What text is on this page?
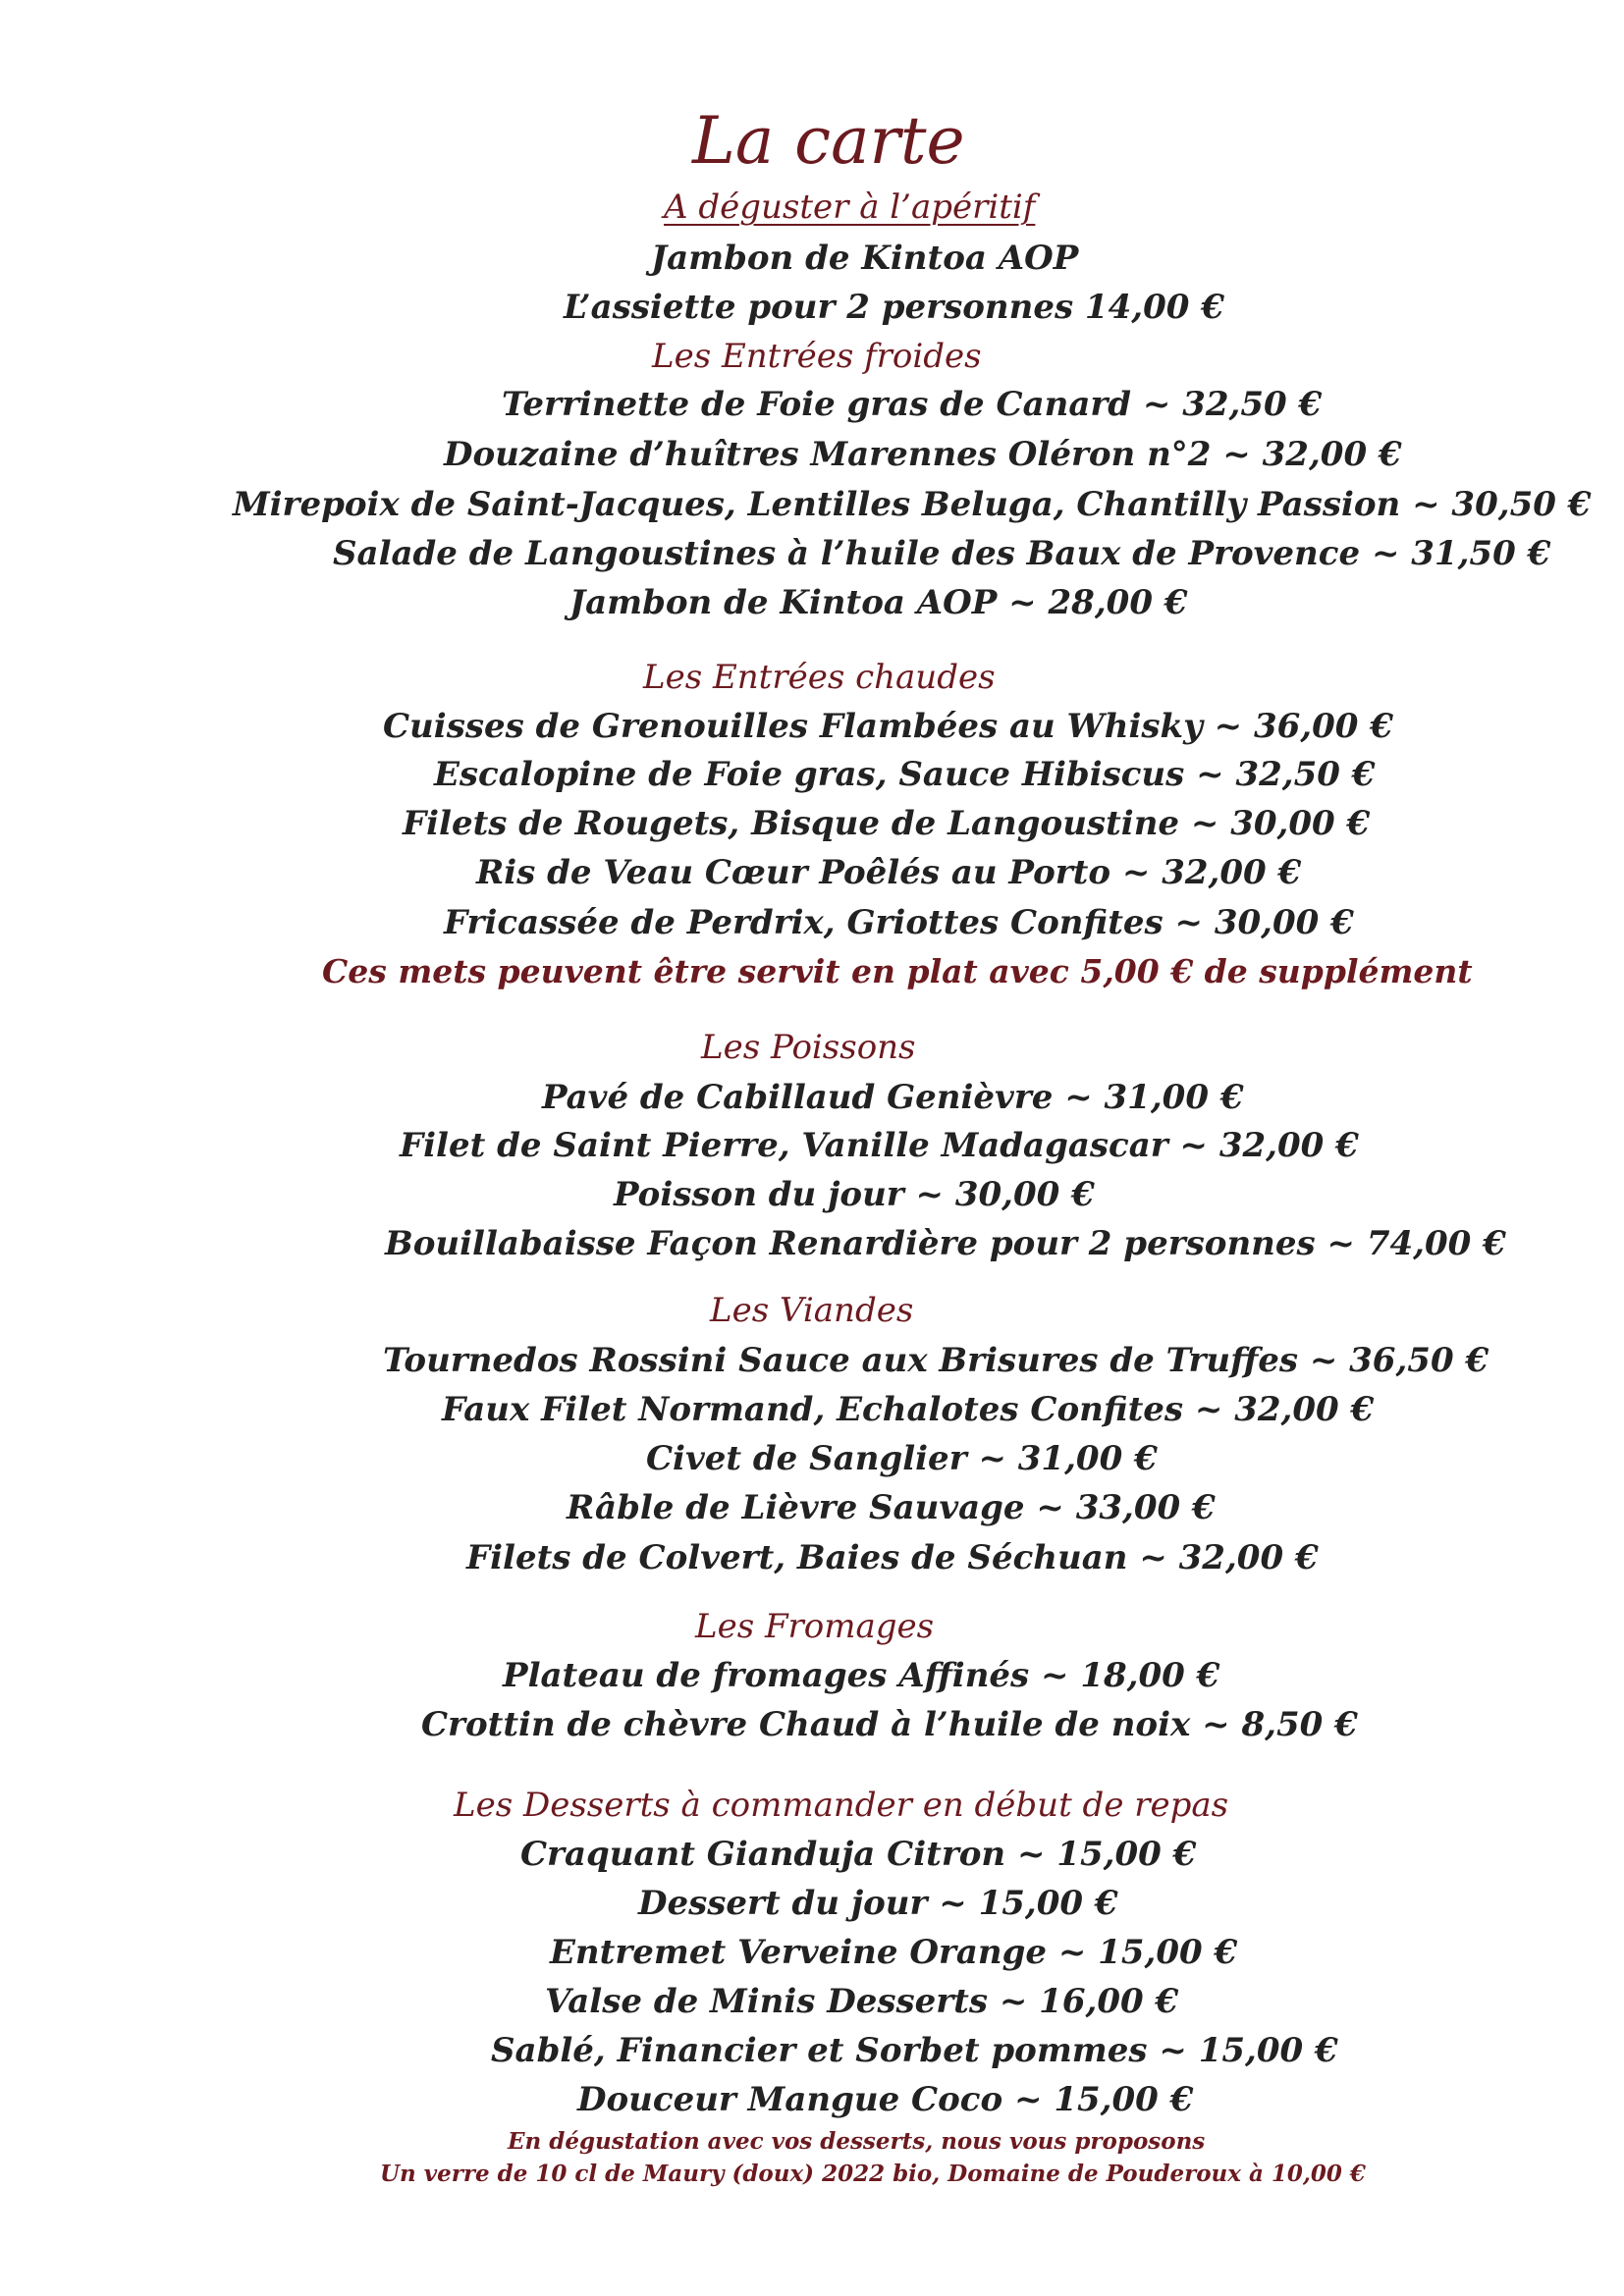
La carte
A déguster à l’apéritif
Jambon de Kintoa AOP
L’assiette pour 2 personnes 14,00 €
Les Entrées froides
Terrinette de Foie gras de Canard ~ 32,50 €
Douzaine d’huîtres Marennes Oléron n°2 ~ 32,00 €
Mirepoix de Saint-Jacques, Lentilles Beluga, Chantilly Passion ~ 30,50 €
Salade de Langoustines à l’huile des Baux de Provence ~ 31,50 €
Jambon de Kintoa AOP ~ 28,00 €
Les Entrées chaudes
Cuisses de Grenouilles Flambées au Whisky ~ 36,00 €
Escalopine de Foie gras, Sauce Hibiscus ~ 32,50 €
Filets de Rougets, Bisque de Langoustine ~ 30,00 €
Ris de Veau Cœur Poêlés au Porto ~ 32,00 €
Fricassée de Perdrix, Griottes Confites ~ 30,00 €
Ces mets peuvent être servit en plat avec 5,00 € de supplément
Les Poissons
Pavé de Cabillaud Genièvre ~ 31,00 €
Filet de Saint Pierre, Vanille Madagascar ~ 32,00 €
Poisson du jour ~ 30,00 €
Bouillabaisse Façon Renardière pour 2 personnes ~ 74,00 €
Les Viandes
Tournedos Rossini Sauce aux Brisures de Truffes ~ 36,50 €
Faux Filet Normand, Echalotes Confites ~ 32,00 €
Civet de Sanglier ~ 31,00 €
Râble de Lièvre Sauvage ~ 33,00 €
Filets de Colvert, Baies de Séchuan ~ 32,00 €
Les Fromages
Plateau de fromages Affinés ~ 18,00 €
Crottin de chèvre Chaud à l’huile de noix ~ 8,50 €
Les Desserts à commander en début de repas
Craquant Gianduja Citron ~ 15,00 €
Dessert du jour ~ 15,00 €
Entremet Verveine Orange ~ 15,00 €
Valse de Minis Desserts ~ 16,00 €
Sablé, Financier et Sorbet pommes ~ 15,00 €
Douceur Mangue Coco ~ 15,00 €
En dégustation avec vos desserts, nous vous proposons
Un verre de 10 cl de Maury (doux) 2022 bio, Domaine de Pouderoux à 10,00 €
